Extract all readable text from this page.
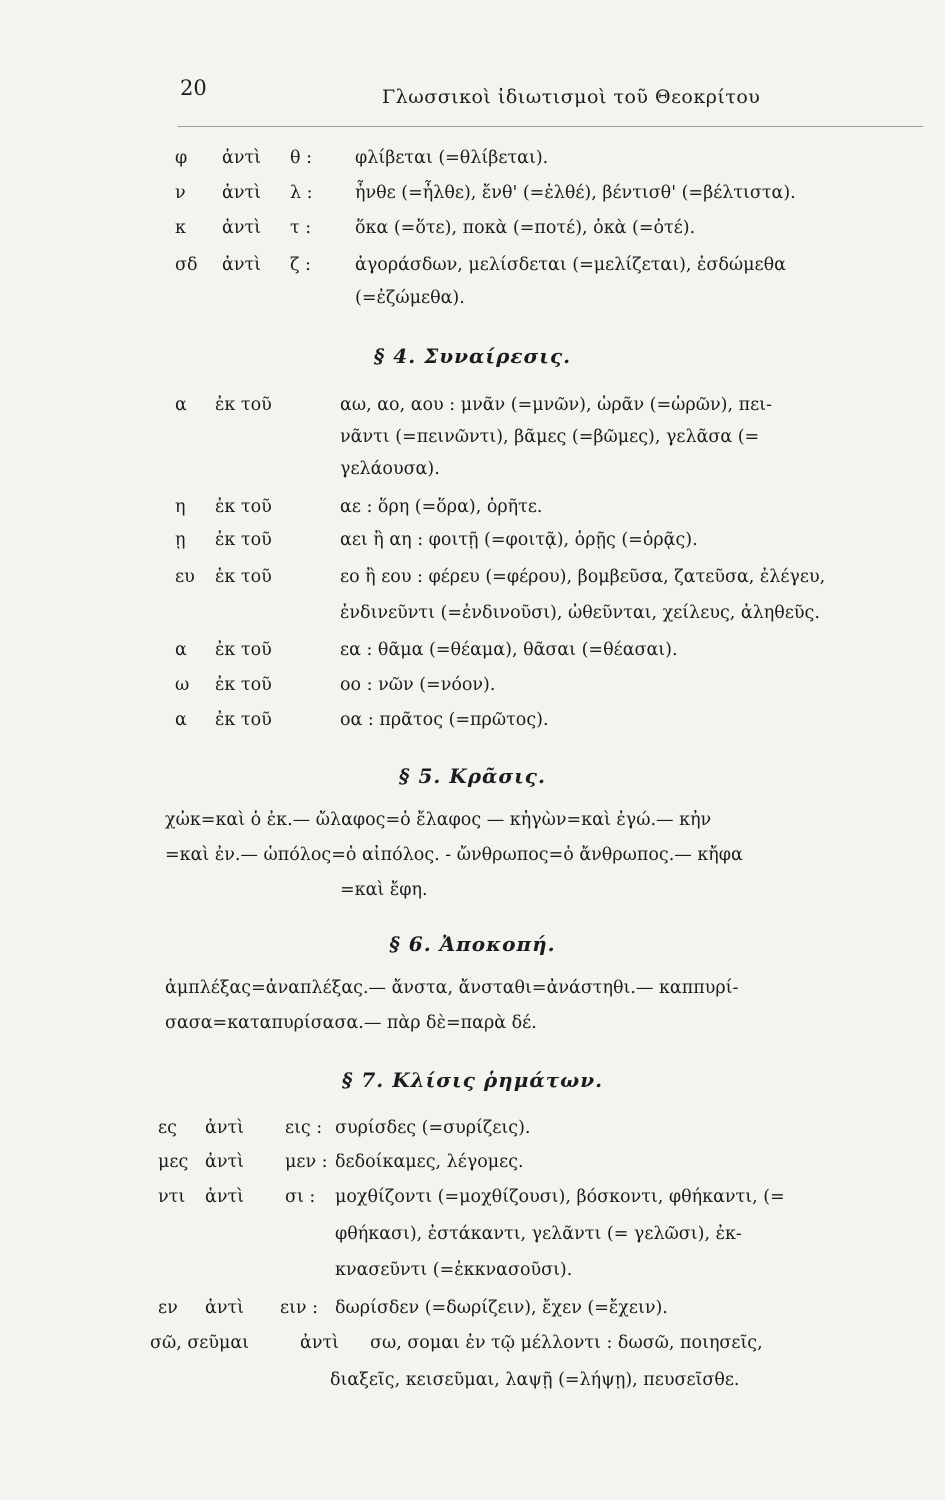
20	Γλωσσικοὶ ἰδιωτισμοὶ τοῦ Θεοκρίτου
φ ἀντὶ θ : φλίβεται (=θλίβεται).
ν ἀντὶ λ : ἦνθε (=ἦλθε), ἔνθ' (=ἐλθέ), βέντισθ' (=βέλτιστα).
κ ἀντὶ τ :	ὅκα (=ὅτε), ποκὰ (=ποτέ), ὀκὰ (=ὀτέ).
σδ ἀντὶ ζ :	ἀγοράσδων, μελίσδεται (=μελίζεται), ἐσδώμεθα
(=ἐζώμεθα).
§ 4. Συναίρεσις.
α ἐκ τοῦ	αω, αο, αου : μνᾶν (=μνῶν), ὡρᾶν (=ὡρῶν), πει-
νᾶντι (=πεινῶντι), βᾶμες (=βῶμες), γελᾶσα (=
γελάουσα).
η ἐκ τοῦ	αε : ὅρη (=ὅρα), ὁρῆτε.
ῃ ἐκ τοῦ	αει ἢ αη : φοιτῇ (=φοιτᾷ), ὁρῇς (=ὁρᾷς).
ευ ἐκ τοῦ	εο ἢ εου : φέρευ (=φέρου), βομβεῦσα, ζατεῦσα, ἐλέγευ,
ἐνδινεῦντι (=ἐνδινοῦσι), ὠθεῦνται, χείλευς, ἀληθεῦς.
α ἐκ τοῦ	εα : θᾶμα (=θέαμα), θᾶσαι (=θέασαι).
ω ἐκ τοῦ	οο : νῶν (=νόον).
α ἐκ τοῦ	οα : πρᾶτος (=πρῶτος).
§ 5. Κρᾶσις.
χὠκ=καὶ ὁ ἐκ.— ὤλαφος=ὁ ἔλαφος — κἠγὼν=καὶ ἐγώ.— κἠν
=καὶ ἐν.— ὡπόλος=ὁ αἰπόλος. - ὤνθρωπος=ὁ ἄνθρωπος.— κἤφα
=καὶ ἔφη.
§ 6. Ἀποκοπή.
ἀμπλέξας=ἀναπλέξας.— ἄνστα, ἄνσταθι=ἀνάστηθι.— καππυρί-
σασα=καταπυρίσασα.— πὰρ δὲ=παρὰ δέ.
§ 7. Κλίσις ῥημάτων.
ες ἀντὶ εις : συρίσδες (=συρίζεις).
μες ἀντὶ μεν : δεδοίκαμες, λέγομες.
ντι ἀντὶ σι : μοχθίζοντι (=μοχθίζουσι), βόσκοντι, φθήκαντι, (=
φθήκασι), ἐστάκαντι, γελᾶντι (= γελῶσι), ἐκ-
κνασεῦντι (=ἐκκνασοῦσι).
εν ἀντὶ ειν : δωρίσδεν (=δωρίζειν), ἔχεν (=ἔχειν).
σῶ, σεῦμαι	ἀντὶ σω, σομαι ἐν τῷ μέλλοντι : δωσῶ, ποιησεῖς,
διαξεῖς, κεισεῦμαι, λαψῇ (=λήψῃ), πευσεῖσθε.
